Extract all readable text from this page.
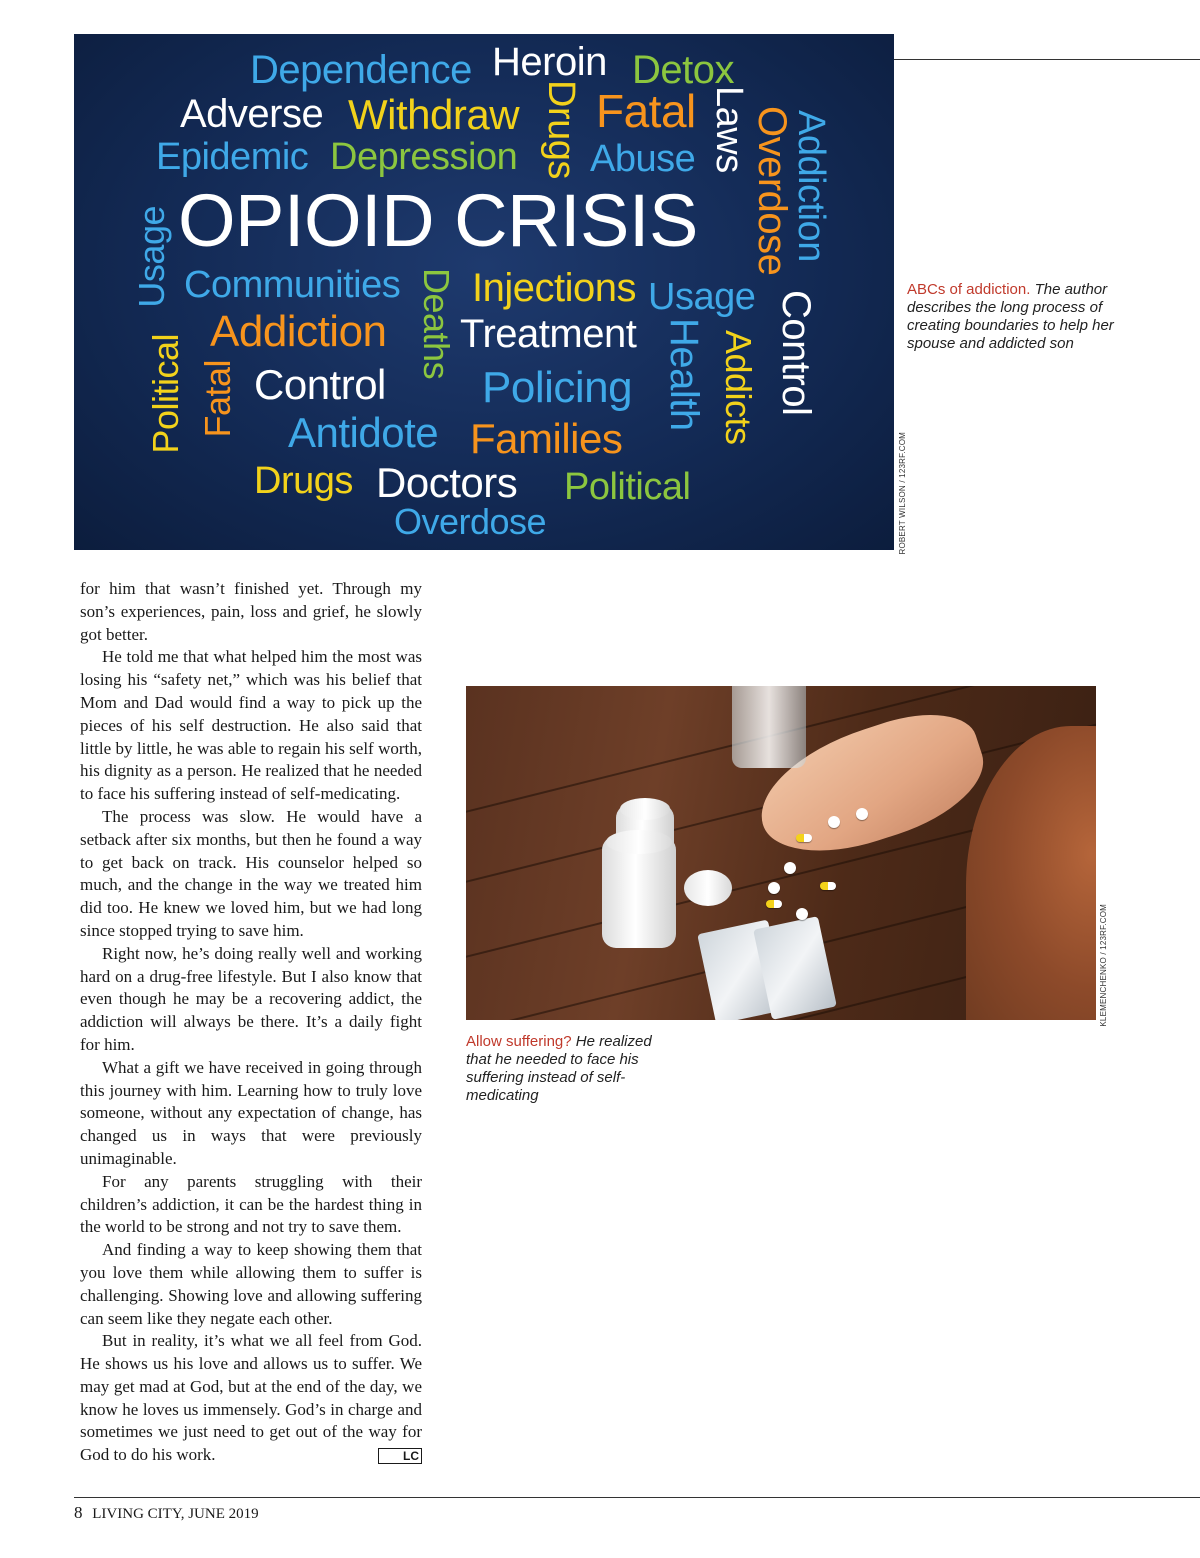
Dependence Heroin Detox
Adverse Withdraw Drugs Fatal Laws Overdose
Addiction
Epidemic Depression Abuse
OPIOID CRISIS
Usage Communities Deaths Injections Usage Control
Addiction Treatment Health Addicts
Political Fatal Control Policing
Antidote Families
Drugs Doctors Political
Overdose	ROBERT WILSON / 123RF.COM
ABCs of addiction. The author describes the long process of creating boundaries to help her spouse and addicted son
KLEMENCHENKO / 123RF.COM
Allow suffering? He realized that he needed to face his suffering instead of self-medicating

for him that wasn’t finished yet. Through my son’s experiences, pain, loss and grief, he slowly got better.

He told me that what helped him the most was losing his “safety net,” which was his belief that Mom and Dad would find a way to pick up the pieces of his self destruction. He also said that little by little, he was able to regain his self worth, his dignity as a person. He realized that he needed to face his suffering instead of self-medicating.

The process was slow. He would have a setback after six months, but then he found a way to get back on track. His counselor helped so much, and the change in the way we treated him did too. He knew we loved him, but we had long since stopped trying to save him.

Right now, he’s doing really well and working hard on a drug-free lifestyle. But I also know that even though he may be a recovering addict, the addiction will always be there. It’s a daily fight for him.

What a gift we have received in going through this journey with him. Learning how to truly love someone, without any expectation of change, has changed us in ways that were previously unimaginable.

For any parents struggling with their children’s addiction, it can be the hardest thing in the world to be strong and not try to save them.

And finding a way to keep showing them that you love them while allowing them to suffer is challenging. Showing love and allowing suffering can seem like they negate each other.

But in reality, it’s what we all feel from God. He shows us his love and allows us to suffer. We may get mad at God, but at the end of the day, we know he loves us immensely. God’s in charge and sometimes we just need to get out of the way for God to do his work.	LC

8 LIVING CITY, JUNE 2019
